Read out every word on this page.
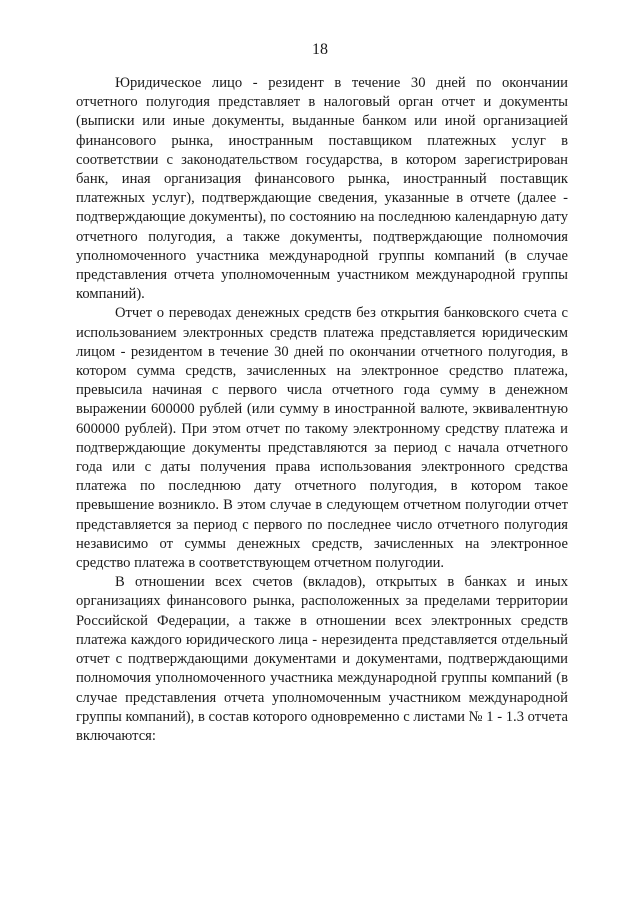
18

Юридическое лицо - резидент в течение 30 дней по окончании отчетного полугодия представляет в налоговый орган отчет и документы (выписки или иные документы, выданные банком или иной организацией финансового рынка, иностранным поставщиком платежных услуг в соответствии с законодательством государства, в котором зарегистрирован банк, иная организация финансового рынка, иностранный поставщик платежных услуг), подтверждающие сведения, указанные в отчете (далее - подтверждающие документы), по состоянию на последнюю календарную дату отчетного полугодия, а также документы, подтверждающие полномочия уполномоченного участника международной группы компаний (в случае представления отчета уполномоченным участником международной группы компаний).

Отчет о переводах денежных средств без открытия банковского счета с использованием электронных средств платежа представляется юридическим лицом - резидентом в течение 30 дней по окончании отчетного полугодия, в котором сумма средств, зачисленных на электронное средство платежа, превысила начиная с первого числа отчетного года сумму в денежном выражении 600000 рублей (или сумму в иностранной валюте, эквивалентную 600000 рублей). При этом отчет по такому электронному средству платежа и подтверждающие документы представляются за период с начала отчетного года или с даты получения права использования электронного средства платежа по последнюю дату отчетного полугодия, в котором такое превышение возникло. В этом случае в следующем отчетном полугодии отчет представляется за период с первого по последнее число отчетного полугодия независимо от суммы денежных средств, зачисленных на электронное средство платежа в соответствующем отчетном полугодии.

В отношении всех счетов (вкладов), открытых в банках и иных организациях финансового рынка, расположенных за пределами территории Российской Федерации, а также в отношении всех электронных средств платежа каждого юридического лица - нерезидента представляется отдельный отчет с подтверждающими документами и документами, подтверждающими полномочия уполномоченного участника международной группы компаний (в случае представления отчета уполномоченным участником международной группы компаний), в состав которого одновременно с листами № 1 - 1.3 отчета включаются:
